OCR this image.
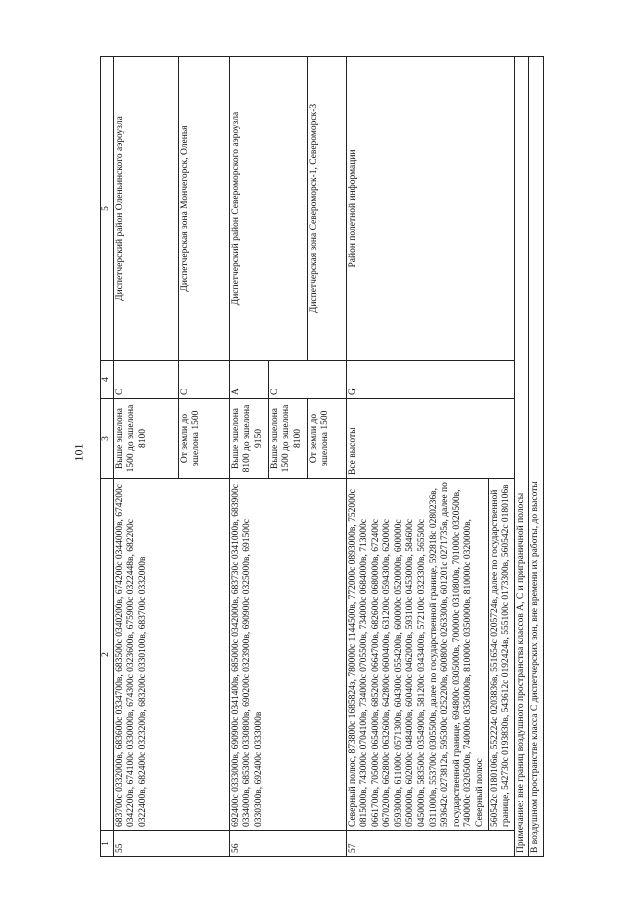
101
1	2	3	4	5
55	683700с 0332000в, 683600с 0334700в, 683500с 0340200в, 674200с 0344000в, 674200с 0342200в, 674100с 0330000в, 674300с 0323600в, 675900с 0322448в, 682200с 0322400в, 682400с 0323200в, 683200с 0330100в, 683700с 0332000в	Выше эшелона 1500 до эшелона 8100	C	Диспетчерский район Оленьинского аэроузла
		От земли до эшелона 1500	C	Диспетчерская зона Мончегорск, Оленья
56	692400с 0333000в, 690900с 0341400в, 685000с 0342000в, 683730с 0341000в, 683900с 0334000в, 685300с 0330800в, 690200с 0323900в, 690900с 0325000в, 691500с 0330300в, 692400с 0333000в	Выше эшелона 8100 до эшелона 9150	A	Диспетчерский район Североморского аэроузла
		Выше эшелона 1500 до эшелона 8100	C	
		От земли до эшелона 1500		Диспетчерская зона Североморск-1, Североморск-3
57	Северный полюс, 873800с 1685824з, 780000с 1144500в, 772000с 0893000в, 752000с 0815000в, 743000с 0704100в, 734000с 0705500в, 734000с 0684000в, 713000с 0661700в, 705000с 0654000в, 685200с 0664700в, 682600с 0680000в, 672400с 0670200в, 662800с 0632600в, 642800с 0600400в, 631200с 0594300в, 620000с 0593000в, 611000с 0571300в, 604300с 0554200в, 600000с 0520000в, 600000с 0500000в, 602000с 0484000в, 600400с 0462000в, 593100с 0453000в, 584600с 0450000в, 583500с 0354900в, 581200с 0343400в, 572100с 0323300в, 565500с 0311000в, 553700с 0305500в, далее по государственной границе, 592818с 0280236в, 593642с 0273812в, 595300с 0252200в, 600800с 0263300в, 601201с 0271735в, далее по государственной границе, 694800с 0305000в, 700000с 0310800в, 701000с 0320500в, 740000с 0320500в, 740000с 0350000в, 810000с 0350000в, 810000с 0320000в, Северный полюс	Все высоты	G	Район полетной информации
	560542с 0180106в, 552224с 0203836в, 551654с 0205724в, далее по государственной границе, 542730с 0193830в, 543612с 0192424в, 555100с 0173300в, 560542с 0180106в			
Примечание: вне границ воздушного пространства классов А, С и приграничной полосы				
В воздушном пространстве класса С диспетчерских зон, вне времени их работы, до высоты				
